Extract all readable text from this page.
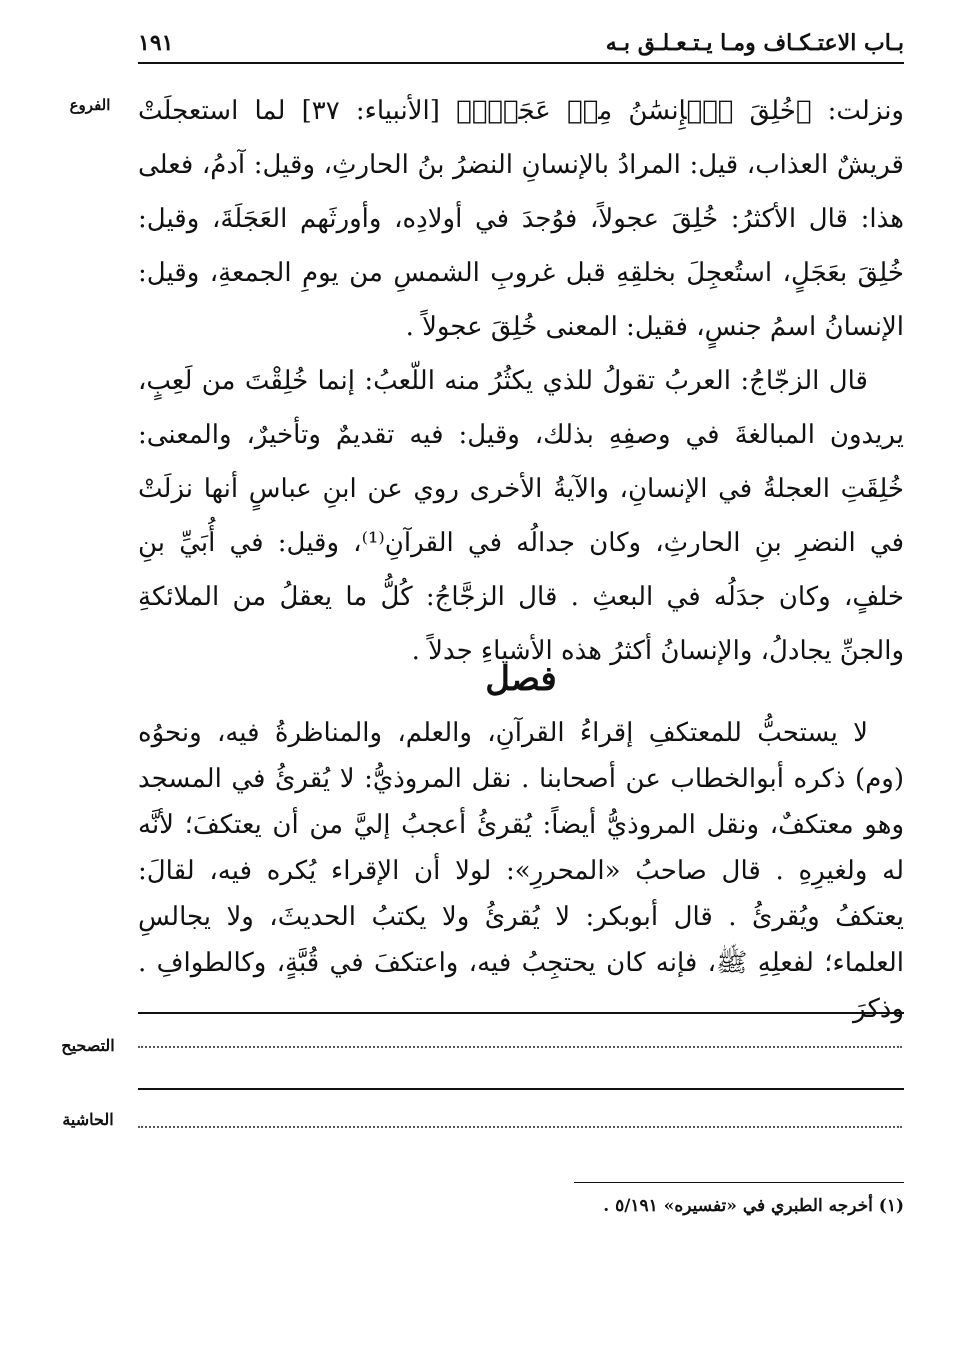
بـاب الاعتـكـاف ومـا يـتـعـلـق بـه
١٩١
الفروع	ونزلت: ﴿خُلِقَ ٱلۡإِنسَٰنُ مِنۡ عَجَلٍۚ﴾ [الأنبياء: ٣٧] لما استعجلَتْ قريشٌ العذاب، قيل: المرادُ بالإنسانِ النضرُ بنُ الحارثِ، وقيل: آدمُ، فعلى هذا: قال الأكثرُ: خُلِقَ عجولاً، فوُجدَ في أولادِه، وأورثَهم العَجَلَةَ، وقيل: خُلِقَ بعَجَلٍ، استُعجِلَ بخلقِهِ قبل غروبِ الشمسِ من يومِ الجمعةِ، وقيل: الإنسانُ اسمُ جنسٍ، فقيل: المعنى خُلِقَ عجولاً .

قال الزجّاجُ: العربُ تقولُ للذي يكثُرُ منه اللّعبُ: إنما خُلِقْتَ من لَعِبٍ، يريدون المبالغةَ في وصفِهِ بذلك، وقيل: فيه تقديمٌ وتأخيرٌ، والمعنى: خُلِقَتِ العجلةُ في الإنسانِ، والآيةُ الأخرى روي عن ابنِ عباسٍ أنها نزلَتْ في النضرِ بنِ الحارثِ، وكان جدالُه في القرآنِ⁽¹⁾، وقيل: في أُبَيِّ بنِ خلفٍ، وكان جدَلُه في البعثِ . قال الزجَّاجُ: كُلُّ ما يعقلُ من الملائكةِ والجنِّ يجادلُ، والإنسانُ أكثرُ هذه الأشياءِ جدلاً .

فصل

لا يستحبُّ للمعتكفِ إقراءُ القرآنِ، والعلم، والمناظرةُ فيه، ونحوُه (وم) ذكره أبوالخطاب عن أصحابنا . نقل المروذيُّ: لا يُقرئُ في المسجد وهو معتكفٌ، ونقل المروذيُّ أيضاً: يُقرئُ أعجبُ إليَّ من أن يعتكفَ؛ لأنَّه له ولغيرِهِ . قال صاحبُ «المحررِ»: لولا أن الإقراء يُكره فيه، لقالَ: يعتكفُ ويُقرئُ . قال أبوبكر: لا يُقرئُ ولا يكتبُ الحديثَ، ولا يجالسِ العلماء؛ لفعلِهِ ﷺ، فإنه كان يحتجِبُ فيه، واعتكفَ في قُبَّةٍ، وكالطوافِ . وذكرَ

التصحيح
الحاشية
(١) أخرجه الطبري في «تفسيره» ٥/١٩١ .
